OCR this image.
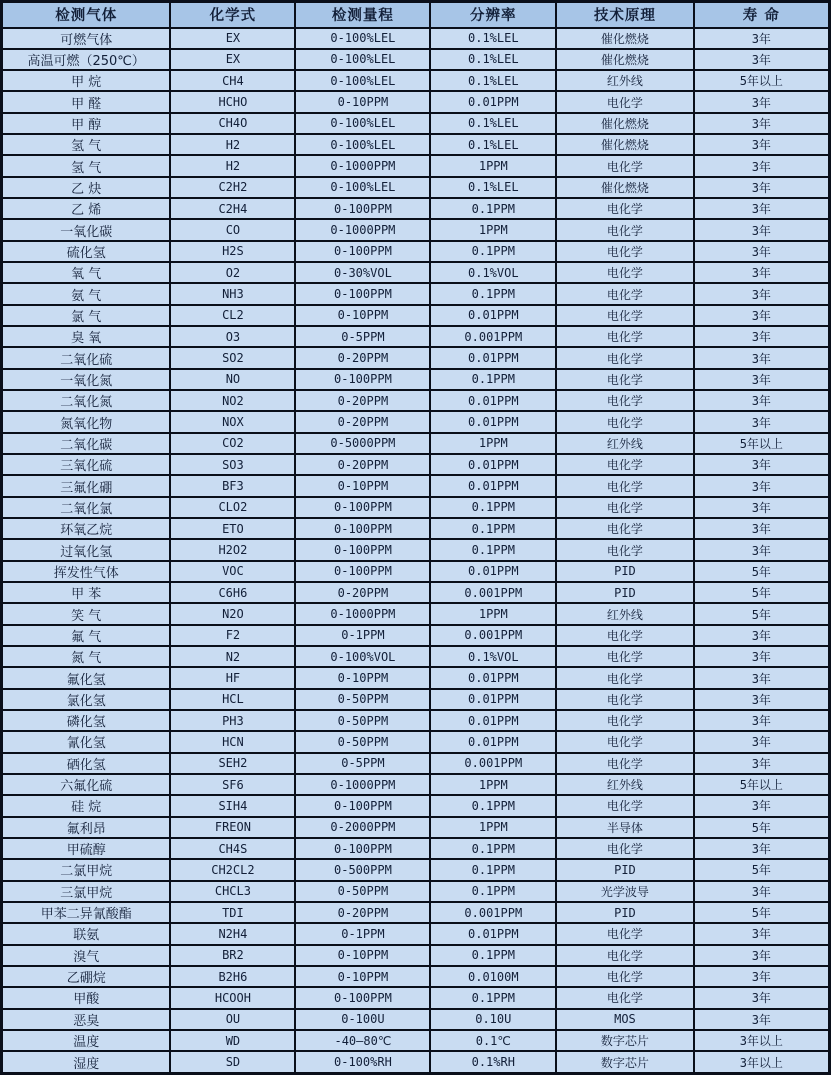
检测气体	化学式	检测量程	分辨率	技术原理	寿 命
可燃气体	EX	0-100%LEL	0.1%LEL	催化燃烧	3年
高温可燃（250℃）	EX	0-100%LEL	0.1%LEL	催化燃烧	3年
甲 烷	CH4	0-100%LEL	0.1%LEL	红外线	5年以上
甲 醛	HCHO	0-10PPM	0.01PPM	电化学	3年
甲 醇	CH4O	0-100%LEL	0.1%LEL	催化燃烧	3年
氢 气	H2	0-100%LEL	0.1%LEL	催化燃烧	3年
氢 气	H2	0-1000PPM	1PPM	电化学	3年
乙 炔	C2H2	0-100%LEL	0.1%LEL	催化燃烧	3年
乙 烯	C2H4	0-100PPM	0.1PPM	电化学	3年
一氧化碳	CO	0-1000PPM	1PPM	电化学	3年
硫化氢	H2S	0-100PPM	0.1PPM	电化学	3年
氧 气	O2	0-30%VOL	0.1%VOL	电化学	3年
氨 气	NH3	0-100PPM	0.1PPM	电化学	3年
氯 气	CL2	0-10PPM	0.01PPM	电化学	3年
臭 氧	O3	0-5PPM	0.001PPM	电化学	3年
二氧化硫	SO2	0-20PPM	0.01PPM	电化学	3年
一氧化氮	NO	0-100PPM	0.1PPM	电化学	3年
二氧化氮	NO2	0-20PPM	0.01PPM	电化学	3年
氮氧化物	NOX	0-20PPM	0.01PPM	电化学	3年
二氧化碳	CO2	0-5000PPM	1PPM	红外线	5年以上
三氧化硫	SO3	0-20PPM	0.01PPM	电化学	3年
三氟化硼	BF3	0-10PPM	0.01PPM	电化学	3年
二氧化氯	CLO2	0-100PPM	0.1PPM	电化学	3年
环氧乙烷	ETO	0-100PPM	0.1PPM	电化学	3年
过氧化氢	H2O2	0-100PPM	0.1PPM	电化学	3年
挥发性气体	VOC	0-100PPM	0.01PPM	PID	5年
甲 苯	C6H6	0-20PPM	0.001PPM	PID	5年
笑 气	N2O	0-1000PPM	1PPM	红外线	5年
氟 气	F2	0-1PPM	0.001PPM	电化学	3年
氮 气	N2	0-100%VOL	0.1%VOL	电化学	3年
氟化氢	HF	0-10PPM	0.01PPM	电化学	3年
氯化氢	HCL	0-50PPM	0.01PPM	电化学	3年
磷化氢	PH3	0-50PPM	0.01PPM	电化学	3年
氰化氢	HCN	0-50PPM	0.01PPM	电化学	3年
硒化氢	SEH2	0-5PPM	0.001PPM	电化学	3年
六氟化硫	SF6	0-1000PPM	1PPM	红外线	5年以上
硅 烷	SIH4	0-100PPM	0.1PPM	电化学	3年
氟利昂	FREON	0-2000PPM	1PPM	半导体	5年
甲硫醇	CH4S	0-100PPM	0.1PPM	电化学	3年
二氯甲烷	CH2CL2	0-500PPM	0.1PPM	PID	5年
三氯甲烷	CHCL3	0-50PPM	0.1PPM	光学波导	3年
甲苯二异氰酸酯	TDI	0-20PPM	0.001PPM	PID	5年
联氨	N2H4	0-1PPM	0.01PPM	电化学	3年
溴气	BR2	0-10PPM	0.1PPM	电化学	3年
乙硼烷	B2H6	0-10PPM	0.0100M	电化学	3年
甲酸	HCOOH	0-100PPM	0.1PPM	电化学	3年
恶臭	OU	0-100U	0.10U	MOS	3年
温度	WD	-40—80℃	0.1℃	数字芯片	3年以上
湿度	SD	0-100%RH	0.1%RH	数字芯片	3年以上
